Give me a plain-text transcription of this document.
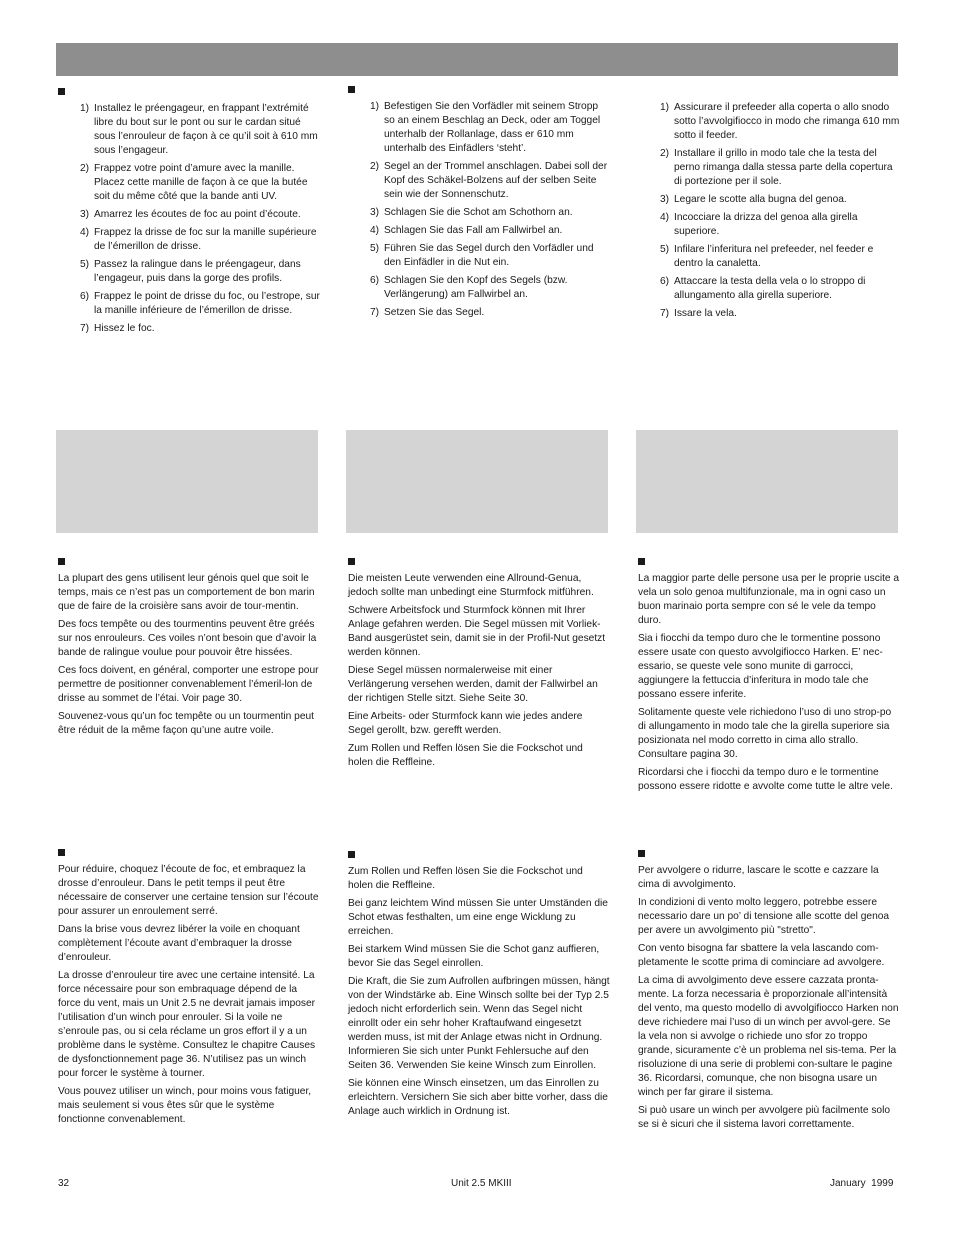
1) Installez le préengageur, en frappant l’extrémité libre du bout sur le pont ou sur le cardan situé sous l’enrouleur de façon à ce qu’il soit à 610 mm sous l’engageur.
2) Frappez votre point d’amure avec la manille. Placez cette manille de façon à ce que la butée soit du même côté que la bande anti UV.
3) Amarrez les écoutes de foc au point d’écoute.
4) Frappez la drisse de foc sur la manille supérieure de l’émerillon de drisse.
5) Passez la ralingue dans le préengageur, dans l’engageur, puis dans la gorge des profils.
6) Frappez le point de drisse du foc, ou l’estrope, sur la manille inférieure de l’émerillon de drisse.
7) Hissez le foc.
1) Befestigen Sie den Vorfädler mit seinem Stropp so an einem Beschlag an Deck, oder am Toggel unterhalb der Rollanlage, dass er 610 mm unterhalb des Einfädlers ‘steht’.
2) Segel an der Trommel anschlagen. Dabei soll der Kopf des Schäkel-Bolzens auf der selben Seite sein wie der Sonnenschutz.
3) Schlagen Sie die Schot am Schothorn an.
4) Schlagen Sie das Fall am Fallwirbel an.
5) Führen Sie das Segel durch den Vorfädler und den Einfädler in die Nut ein.
6) Schlagen Sie den Kopf des Segels (bzw. Verlängerung) am Fallwirbel an.
7) Setzen Sie das Segel.
1) Assicurare il prefeeder alla coperta o allo snodo sotto l’avvolgifiocco in modo che rimanga 610 mm sotto il feeder.
2) Installare il grillo in modo tale che la testa del perno rimanga dalla stessa parte della copertura di portezione per il sole.
3) Legare le scotte alla bugna del genoa.
4) Incocciare la drizza del genoa alla girella superiore.
5) Infilare l’inferitura nel prefeeder, nel feeder e dentro la canaletta.
6) Attaccare la testa della vela o lo stroppo di allungamento alla girella superiore.
7) Issare la vela.

La plupart des gens utilisent leur génois quel que soit le temps, mais ce n’est pas un comportement de bon marin que de faire de la croisière sans avoir de tour-mentin.

Des focs tempête ou des tourmentins peuvent être gréés sur nos enrouleurs. Ces voiles n’ont besoin que d’avoir la bande de ralingue voulue pour pouvoir être hissées.

Ces focs doivent, en général, comporter une estrope pour permettre de positionner convenablement l’émeril-lon de drisse au sommet de l’étai. Voir page 30.

Souvenez-vous qu’un foc tempête ou un tourmentin peut être réduit de la même façon qu’une autre voile.

Die meisten Leute verwenden eine Allround-Genua, jedoch sollte man unbedingt eine Sturmfock mitführen.

Schwere Arbeitsfock und Sturmfock können mit Ihrer Anlage gefahren werden. Die Segel müssen mit Vorliek-Band ausgerüstet sein, damit sie in der Profil-Nut gesetzt werden können.

Diese Segel müssen normalerweise mit einer Verlängerung versehen werden, damit der Fallwirbel an der richtigen Stelle sitzt. Siehe Seite 30.

Eine Arbeits- oder Sturmfock kann wie jedes andere Segel gerollt, bzw. gerefft werden.

Zum Rollen und Reffen lösen Sie die Fockschot und holen die Reffleine.

La maggior parte delle persone usa per le proprie uscite a vela un solo genoa multifunzionale, ma in ogni caso un buon marinaio porta sempre con sé le vele da tempo duro.

Sia i fiocchi da tempo duro che le tormentine possono essere usate con questo avvolgifiocco Harken. E’ nec-essario, se queste vele sono munite di garrocci, aggiungere la fettuccia d’inferitura in modo tale che possano essere inferite.

Solitamente queste vele richiedono l’uso di uno strop-po di allungamento in modo tale che la girella superiore sia posizionata nel modo corretto in cima allo strallo. Consultare pagina 30.

Ricordarsi che i fiocchi da tempo duro e le tormentine possono essere ridotte e avvolte come tutte le altre vele.

Pour réduire, choquez l’écoute de foc, et embraquez la drosse d’enrouleur. Dans le petit temps il peut être nécessaire de conserver une certaine tension sur l’écoute pour assurer un enroulement serré.

Dans la brise vous devrez libérer la voile en choquant complètement l’écoute avant d’embraquer la drosse d’enrouleur.

La drosse d’enrouleur tire avec une certaine intensité. La force nécessaire pour son embraquage dépend de la force du vent, mais un Unit 2.5 ne devrait jamais imposer l’utilisation d’un winch pour enrouler. Si la voile ne s’enroule pas, ou si cela réclame un gros effort il y a un problème dans le système. Consultez le chapitre Causes de dysfonctionnement page 36. N’utilisez pas un winch pour forcer le système à tourner.

Vous pouvez utiliser un winch, pour moins vous fatiguer, mais seulement si vous êtes sûr que le système fonctionne convenablement.

Zum Rollen und Reffen lösen Sie die Fockschot und holen die Reffleine.

Bei ganz leichtem Wind müssen Sie unter Umständen die Schot etwas festhalten, um eine enge Wicklung zu erreichen.

Bei starkem Wind müssen Sie die Schot ganz auffieren, bevor Sie das Segel einrollen.

Die Kraft, die Sie zum Aufrollen aufbringen müssen, hängt von der Windstärke ab. Eine Winsch sollte bei der Typ 2.5 jedoch nicht erforderlich sein. Wenn das Segel nicht einrollt oder ein sehr hoher Kraftaufwand eingesetzt werden muss, ist mit der Anlage etwas nicht in Ordnung. Informieren Sie sich unter Punkt Fehlersuche auf den Seiten 36. Verwenden Sie keine Winsch zum Einrollen.

Sie können eine Winsch einsetzen, um das Einrollen zu erleichtern. Versichern Sie sich aber bitte vorher, dass die Anlage auch wirklich in Ordnung ist.

Per avvolgere o ridurre, lascare le scotte e cazzare la cima di avvolgimento.

In condizioni di vento molto leggero, potrebbe essere necessario dare un po’ di tensione alle scotte del genoa per avere un avvolgimento più "stretto".

Con vento bisogna far sbattere la vela lascando com-pletamente le scotte prima di cominciare ad avvolgere.

La cima di avvolgimento deve essere cazzata pronta-mente. La forza necessaria è proporzionale all’intensità del vento, ma questo modello di avvolgifiocco Harken non deve richiedere mai l’uso di un winch per avvol-gere. Se la vela non si avvolge o richiede uno sfor zo troppo grande, sicuramente c’è un problema nel sis-tema. Per la risoluzione di una serie di problemi con-sultare le pagine 36. Ricordarsi, comunque, che non bisogna usare un winch per far girare il sistema.

Si può usare un winch per avvolgere più facilmente solo se si è sicuri che il sistema lavori correttamente.

32	Unit 2.5 MKIII	January  1999
